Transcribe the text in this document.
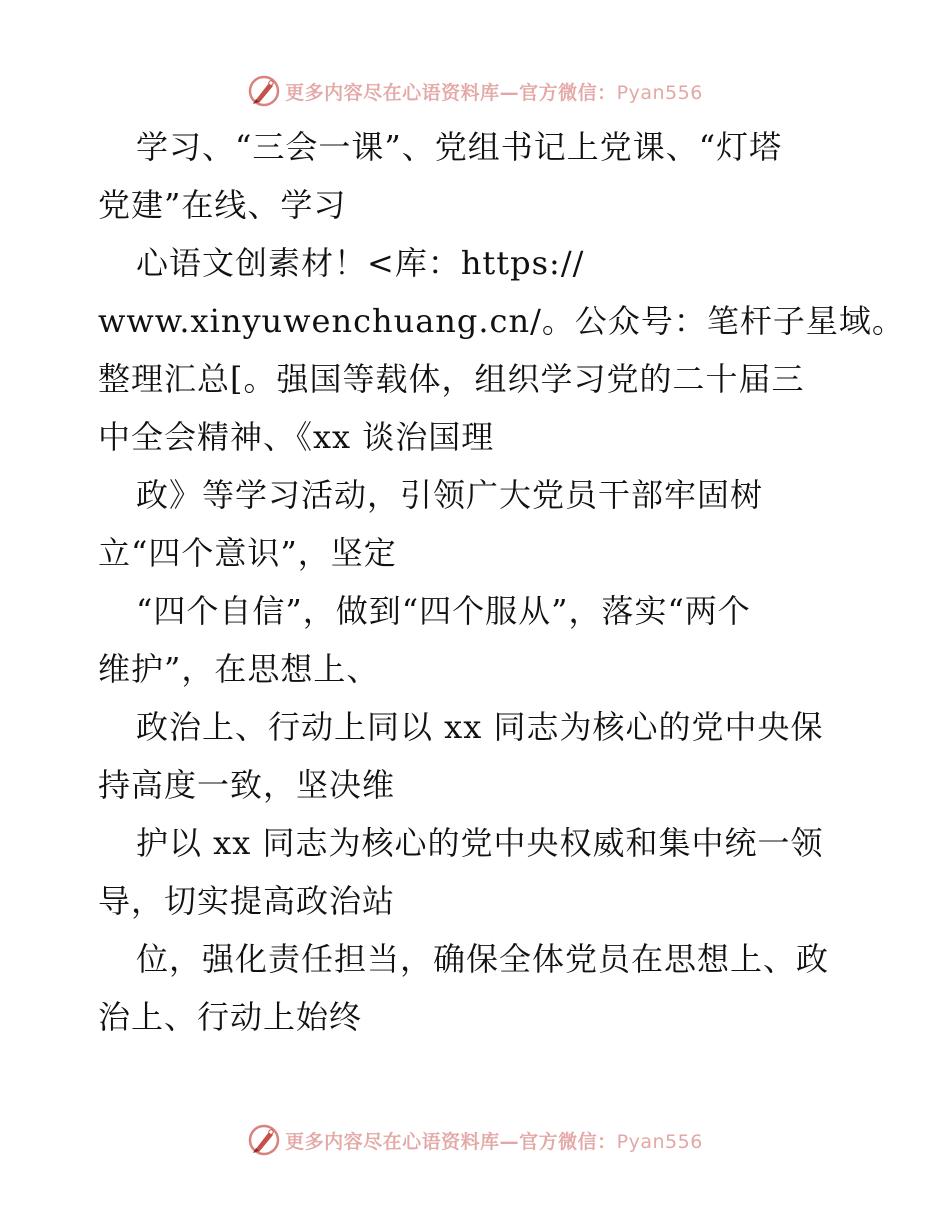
更多内容尽在心语资料库—官方微信：Pyan556
学习、“三会一课”、党组书记上党课、“灯塔
党建”在线、学习
心语文创素材！<库：https://
www.xinyuwenchuang.cn/。公众号：笔杆子星域。
整理汇总[。强国等载体，组织学习党的二十届三
中全会精神、《xx 谈治国理
政》等学习活动，引领广大党员干部牢固树
立“四个意识”，坚定
“四个自信”，做到“四个服从”，落实“两个
维护”，在思想上、
政治上、行动上同以 xx 同志为核心的党中央保
持高度一致，坚决维
护以 xx 同志为核心的党中央权威和集中统一领
导，切实提高政治站
位，强化责任担当，确保全体党员在思想上、政
治上、行动上始终
更多内容尽在心语资料库—官方微信：Pyan556
